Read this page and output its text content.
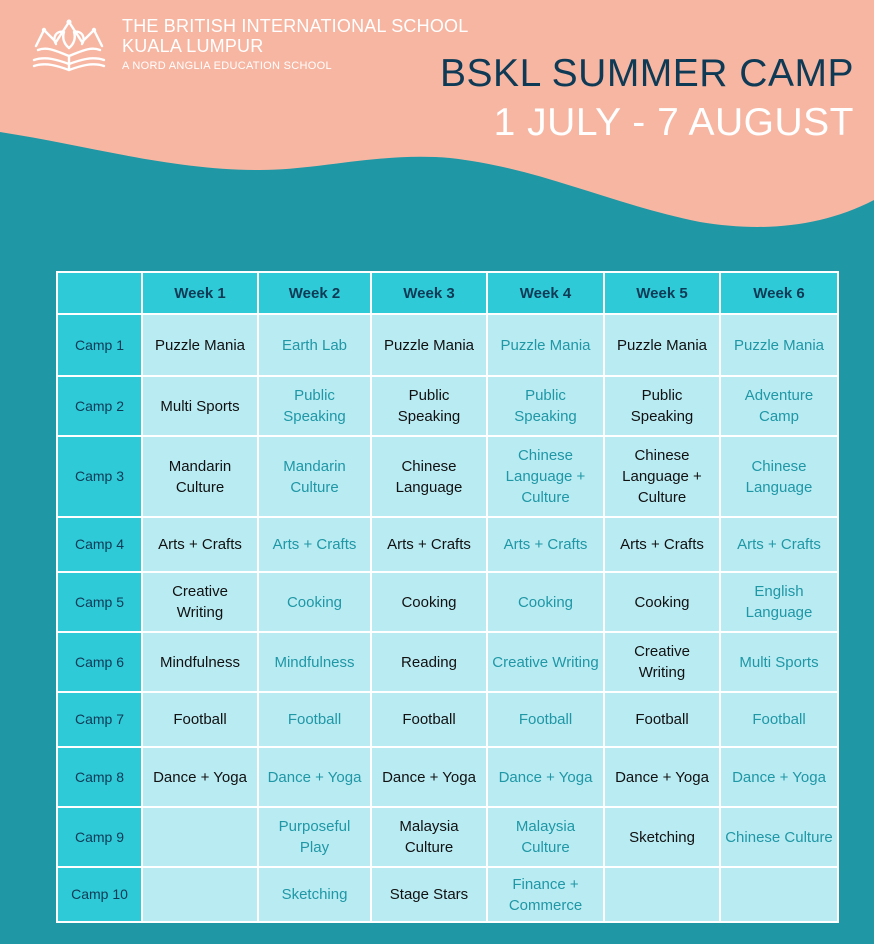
THE BRITISH INTERNATIONAL SCHOOL
KUALA LUMPUR
A NORD ANGLIA EDUCATION SCHOOL	BSKL SUMMER CAMP
1 JULY - 7 AUGUST
	Week 1	Week 2	Week 3	Week 4	Week 5	Week 6
Camp 1	Puzzle Mania	Earth Lab	Puzzle Mania	Puzzle Mania	Puzzle Mania	Puzzle Mania
Camp 2	Multi Sports	Public Speaking	Public Speaking	Public Speaking	Public Speaking	Adventure Camp
Camp 3	Mandarin Culture	Mandarin Culture	Chinese Language	Chinese Language + Culture	Chinese Language + Culture	Chinese Language
Camp 4	Arts + Crafts	Arts + Crafts	Arts + Crafts	Arts + Crafts	Arts + Crafts	Arts + Crafts
Camp 5	Creative Writing	Cooking	Cooking	Cooking	Cooking	English Language
Camp 6	Mindfulness	Mindfulness	Reading	Creative Writing	Creative Writing	Multi Sports
Camp 7	Football	Football	Football	Football	Football	Football
Camp 8	Dance + Yoga	Dance + Yoga	Dance + Yoga	Dance + Yoga	Dance + Yoga	Dance + Yoga
Camp 9		Purposeful Play	Malaysia Culture	Malaysia Culture	Sketching	Chinese Culture
Camp 10		Sketching	Stage Stars	Finance + Commerce		
